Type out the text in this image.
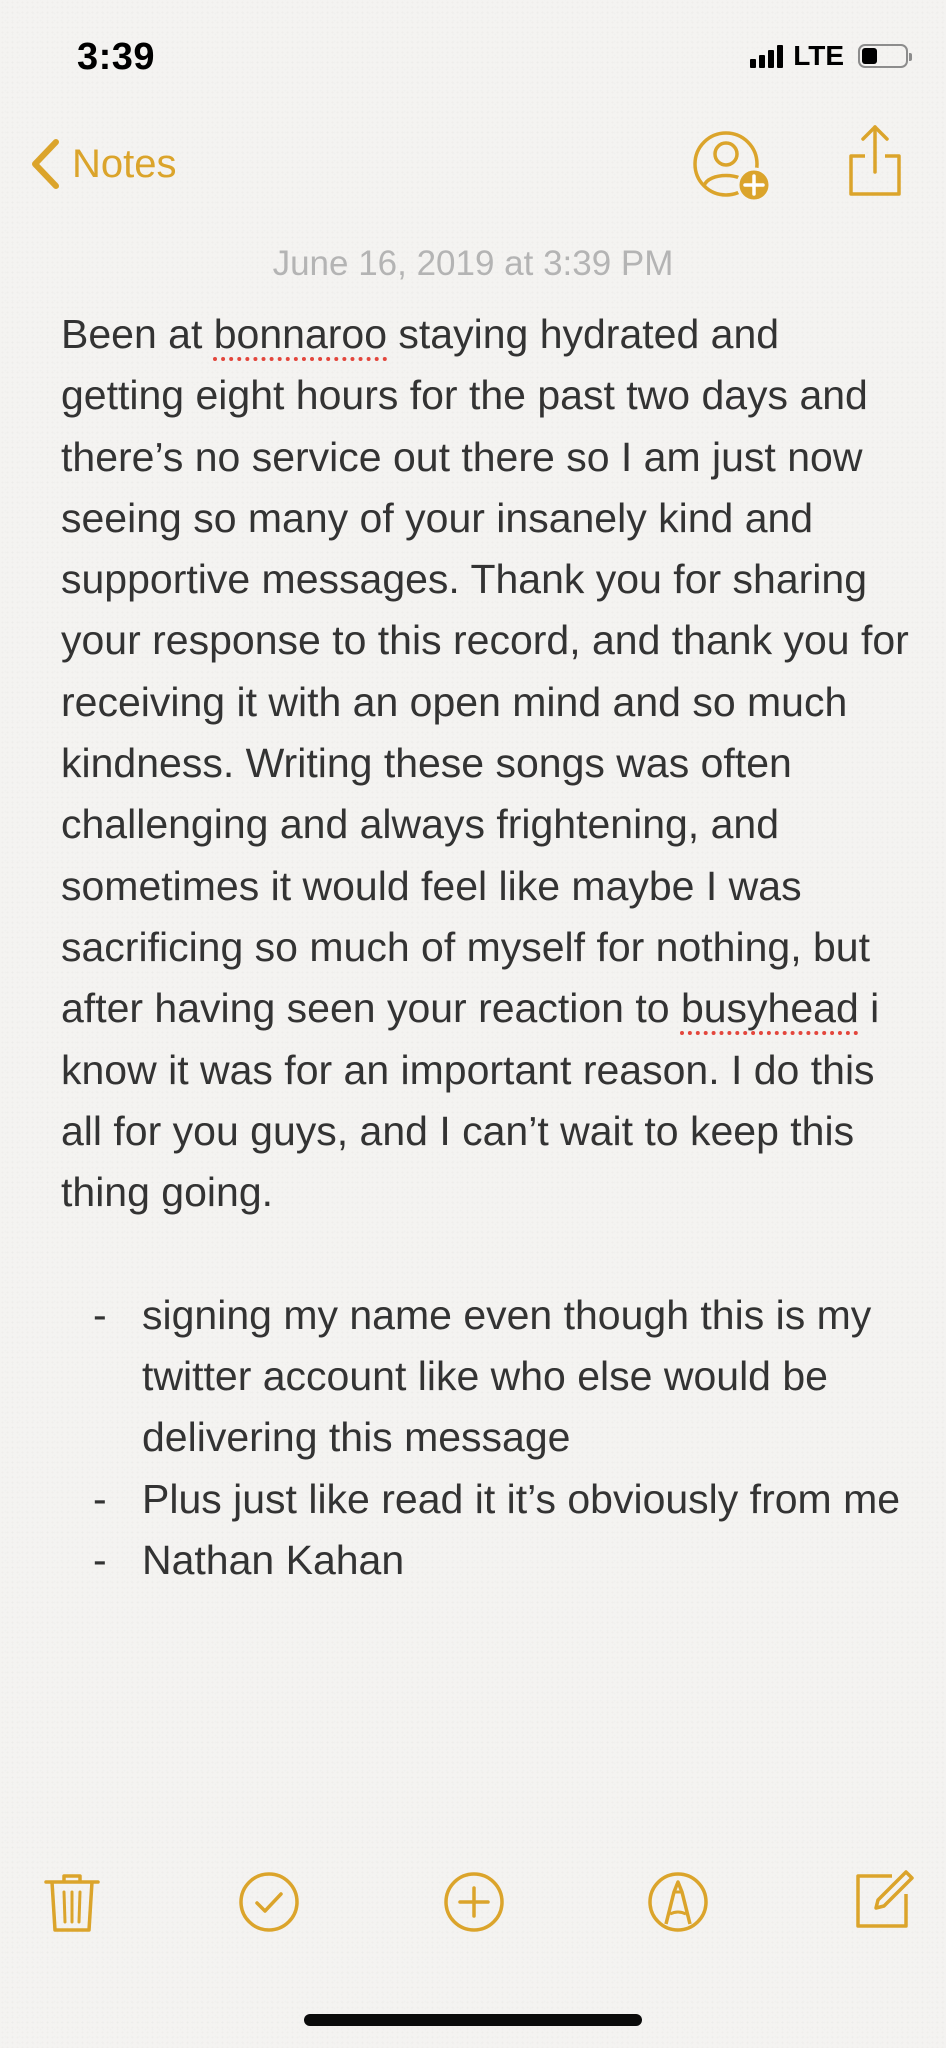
3:39	LTE
Notes
June 16, 2019 at 3:39 PM

Been at bonnaroo staying hydrated and getting eight hours for the past two days and there’s no service out there so I am just now seeing so many of your insanely kind and supportive messages. Thank you for sharing your response to this record, and thank you for receiving it with an open mind and so much kindness. Writing these songs was often challenging and always frightening, and sometimes it would feel like maybe I was sacrificing so much of myself for nothing, but after having seen your reaction to busyhead i know it was for an important reason. I do this all for you guys, and I can’t wait to keep this thing going.

- signing my name even though this is my twitter account like who else would be delivering this message
- Plus just like read it it’s obviously from me
- Nathan Kahan
